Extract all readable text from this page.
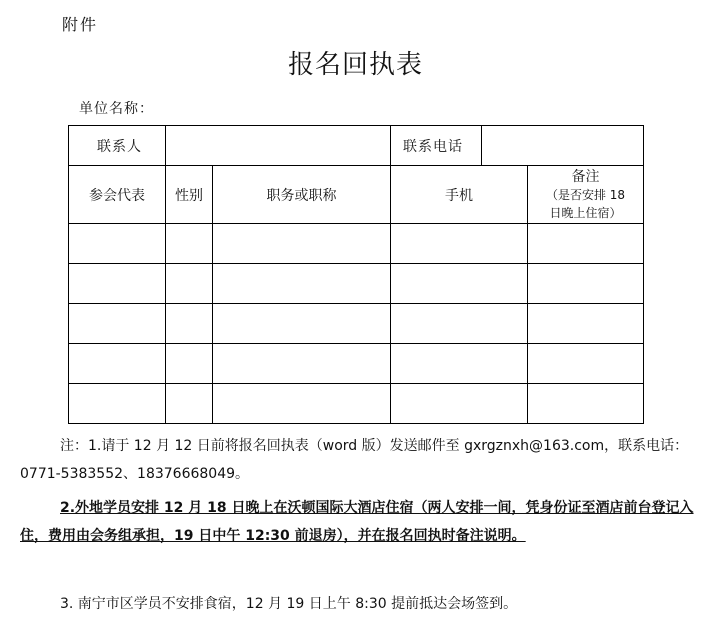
附件
报名回执表
单位名称：
联系人			联系电话	

参会代表	性别	职务或职称	手机	备注
（是否安排 18
日晚上住宿）

注：1.请于 12 月 12 日前将报名回执表（word 版）发送邮件至 gxrgznxh@163.com，联系电话：0771-5383552、18376668049。
2.外地学员安排 12 月 18 日晚上在沃顿国际大酒店住宿（两人安排一间，凭身份证至酒店前台登记入住，费用由会务组承担，19 日中午 12:30 前退房），并在报名回执时备注说明。
3. 南宁市区学员不安排食宿，12 月 19 日上午 8:30 提前抵达会场签到。
